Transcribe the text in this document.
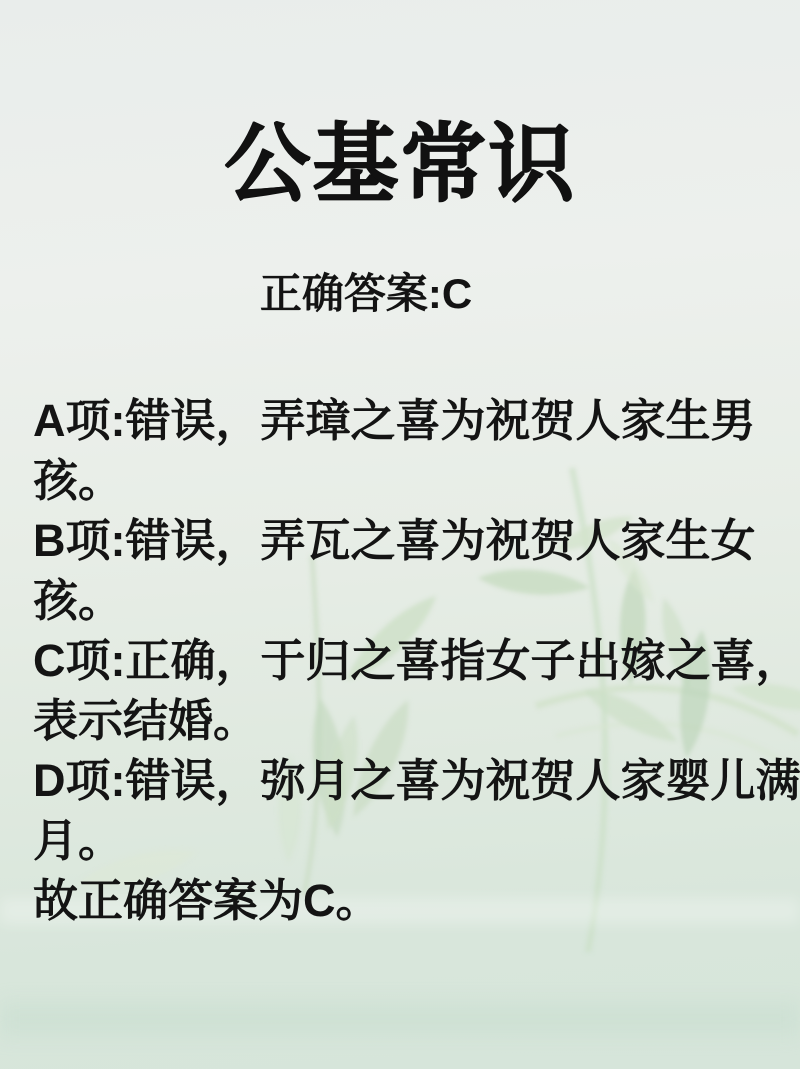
公基常识
正确答案:C
A项:错误，弄璋之喜为祝贺人家生男
孩。
B项:错误，弄瓦之喜为祝贺人家生女
孩。
C项:正确，于归之喜指女子出嫁之喜，
表示结婚。
D项:错误，弥月之喜为祝贺人家婴儿满
月。
故正确答案为C。
